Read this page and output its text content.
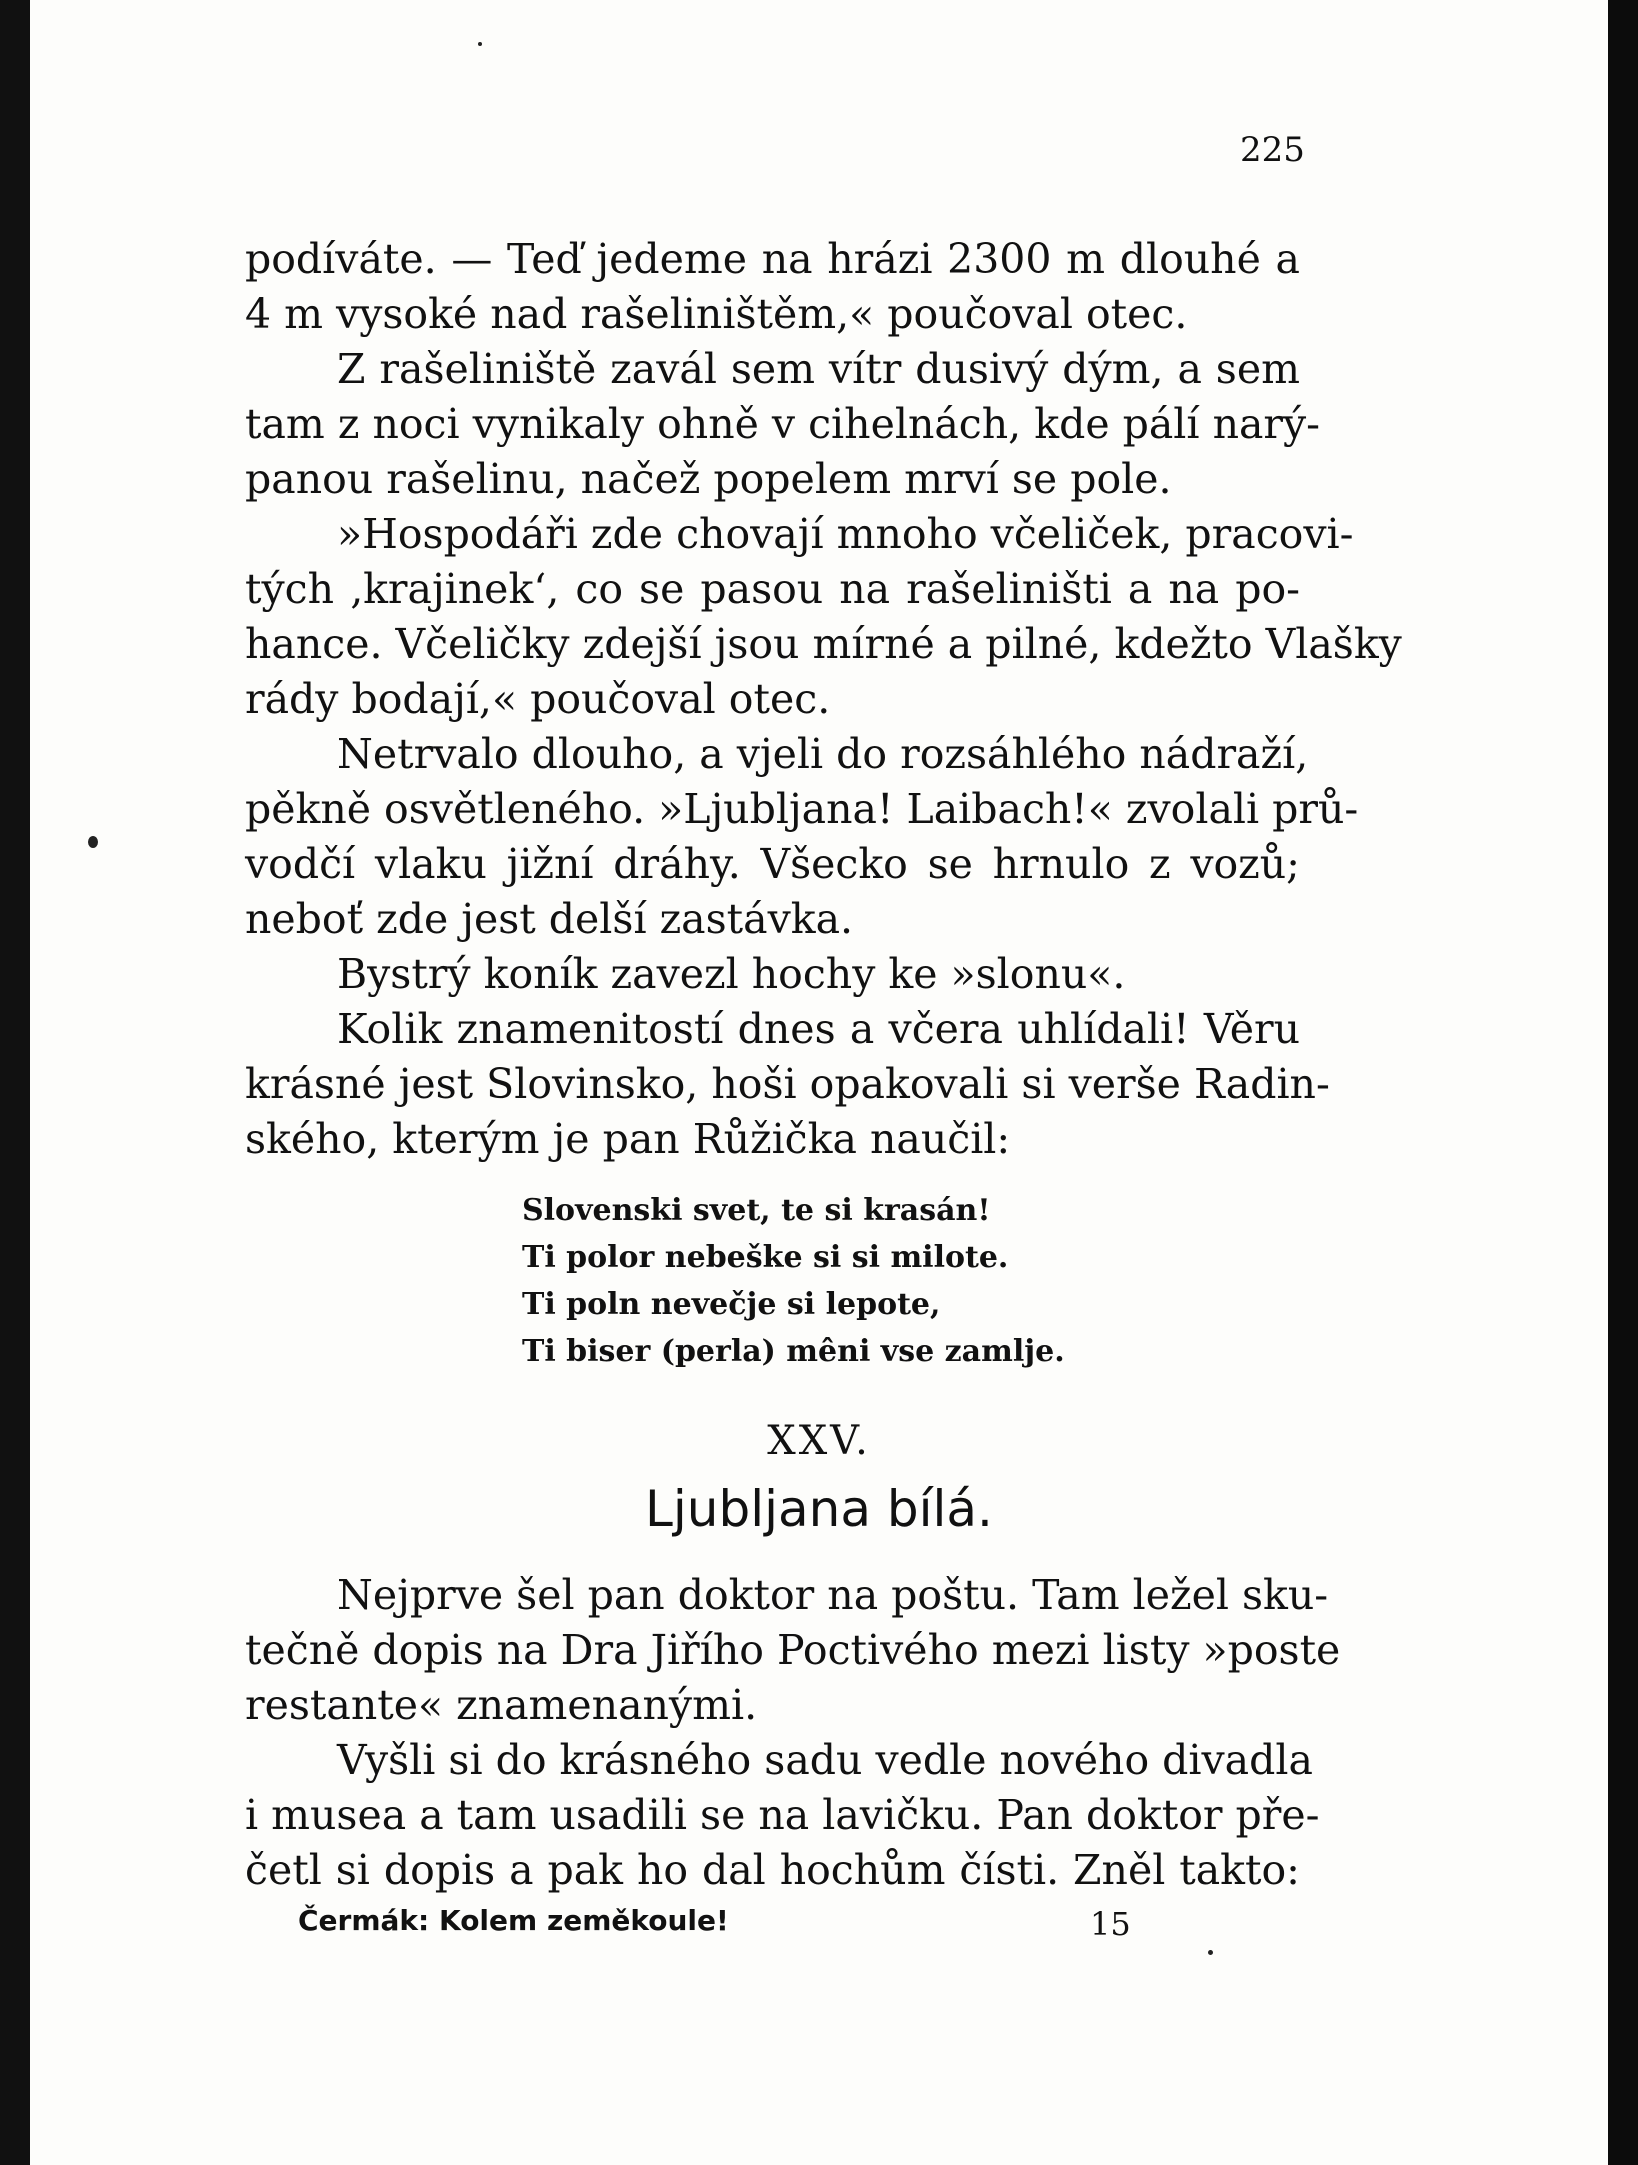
225
podíváte. — Teď jedeme na hrázi 2300 m dlouhé a
4 m vysoké nad rašeliništěm,« poučoval otec.
Z rašeliniště zavál sem vítr dusivý dým, a sem
tam z noci vynikaly ohně v cihelnách, kde pálí narý-
panou rašelinu, načež popelem mrví se pole.
»Hospodáři zde chovají mnoho včeliček, pracovi-
tých ‚krajinek‘, co se pasou na rašeliništi a na po-
hance. Včeličky zdejší jsou mírné a pilné, kdežto Vlašky
rády bodají,« poučoval otec.
Netrvalo dlouho, a vjeli do rozsáhlého nádraží,
pěkně osvětleného. »Ljubljana! Laibach!« zvolali prů-
vodčí vlaku jižní dráhy. Všecko se hrnulo z vozů;
neboť zde jest delší zastávka.
Bystrý koník zavezl hochy ke »slonu«.
Kolik znamenitostí dnes a včera uhlídali! Věru
krásné jest Slovinsko, hoši opakovali si verše Radin-
ského, kterým je pan Růžička naučil:
Slovenski svet, te si krasán!
Ti polor nebeške si si milote.
Ti poln nevečje si lepote,
Ti biser (perla) mêni vse zamlje.
XXV.
Ljubljana bílá.
Nejprve šel pan doktor na poštu. Tam ležel sku-
tečně dopis na Dra Jiřího Poctivého mezi listy »poste
restante« znamenanými.
Vyšli si do krásného sadu vedle nového divadla
i musea a tam usadili se na lavičku. Pan doktor pře-
četl si dopis a pak ho dal hochům čísti. Zněl takto:
Čermák: Kolem zeměkoule!	15
